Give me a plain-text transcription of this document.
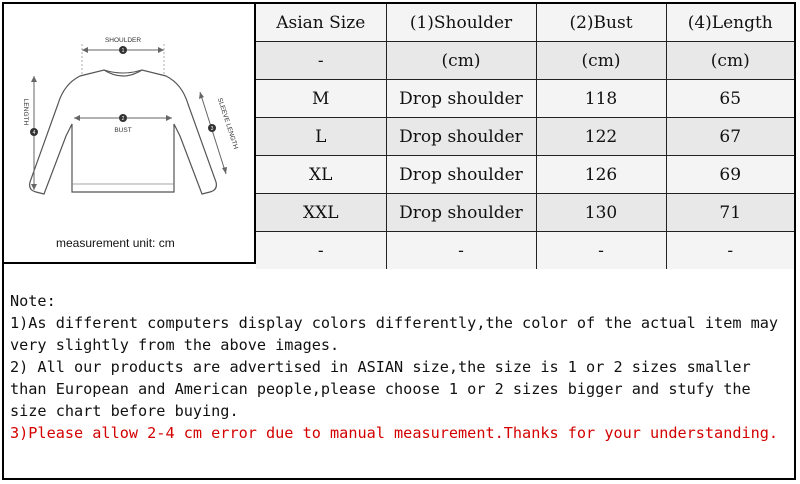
1
SHOULDER
2
BUST
4
LENGTH
3 SLEEVE LENGTH
measurement unit: cm
Asian Size	(1)Shoulder	(2)Bust	(4)Length
-	(cm)	(cm)	(cm)
M	Drop shoulder	118	65
L	Drop shoulder	122	67
XL	Drop shoulder	126	69
XXL	Drop shoulder	130	71
-	-	-	-

Note:

1)As different computers display colors differently,the color of the actual item may very slightly from the above images.

2) All our products are advertised in ASIAN size,the size is 1 or 2 sizes smaller than European and American people,please choose 1 or 2 sizes bigger and stufy the size chart before buying.

3)Please allow 2-4 cm error due to manual measurement.Thanks for your understanding.
